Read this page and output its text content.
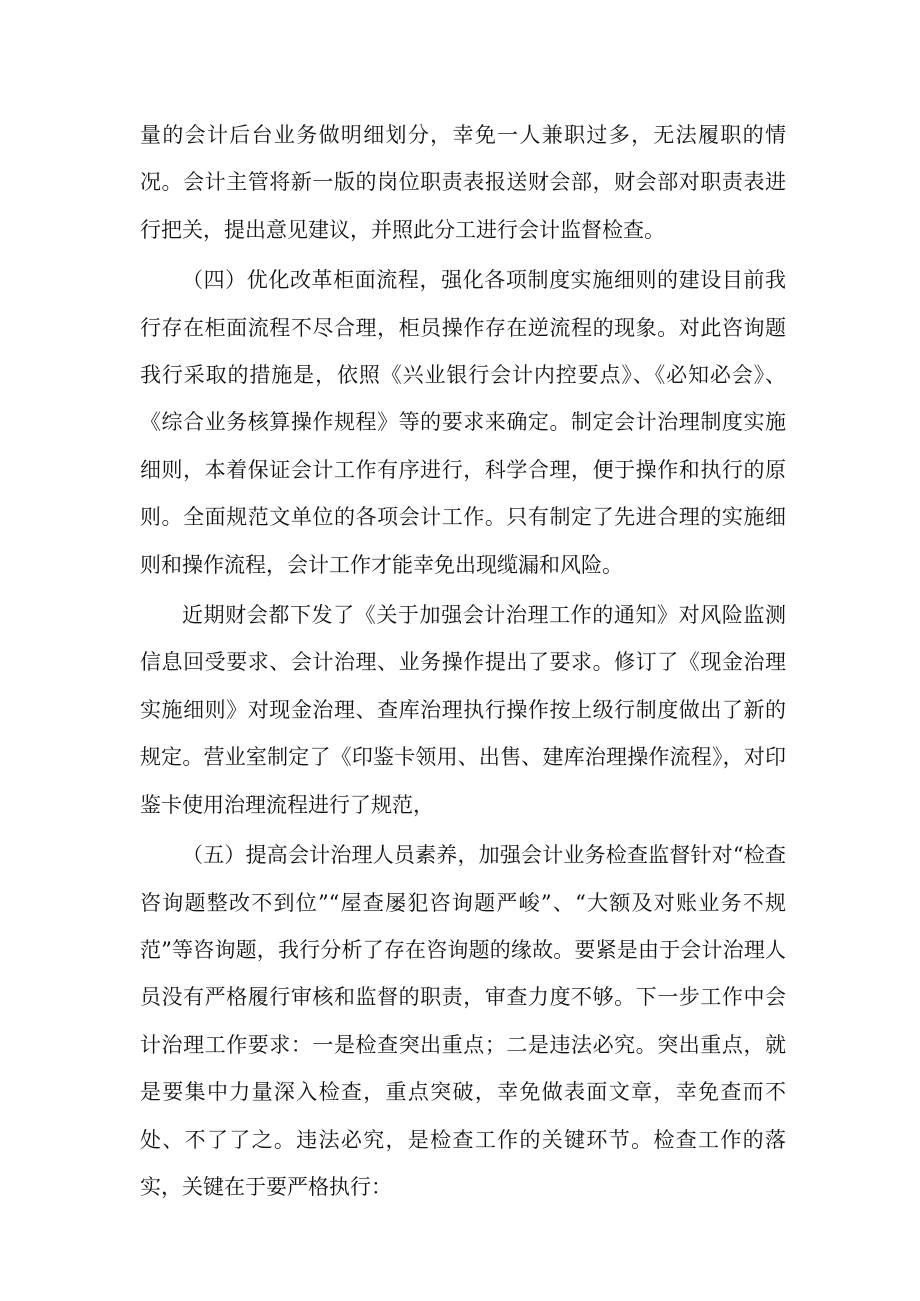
量的会计后台业务做明细划分，幸免一人兼职过多，无法履职的情况。会计主管将新一版的岗位职责表报送财会部，财会部对职责表进行把关，提出意见建议，并照此分工进行会计监督检查。

（四）优化改革柜面流程，强化各项制度实施细则的建设目前我行存在柜面流程不尽合理，柜员操作存在逆流程的现象。对此咨询题我行采取的措施是，依照《兴业银行会计内控要点》、《必知必会》、《综合业务核算操作规程》等的要求来确定。制定会计治理制度实施细则，本着保证会计工作有序进行，科学合理，便于操作和执行的原则。全面规范文单位的各项会计工作。只有制定了先进合理的实施细则和操作流程，会计工作才能幸免出现缆漏和风险。

近期财会都下发了《关于加强会计治理工作的通知》对风险监测信息回受要求、会计治理、业务操作提出了要求。修订了《现金治理实施细则》对现金治理、查库治理执行操作按上级行制度做出了新的规定。营业室制定了《印鉴卡领用、出售、建库治理操作流程》，对印鉴卡使用治理流程进行了规范，

（五）提高会计治理人员素养，加强会计业务检查监督针对“检查咨询题整改不到位”“屋查屡犯咨询题严峻”、“大额及对账业务不规范”等咨询题，我行分析了存在咨询题的缘故。要紧是由于会计治理人员没有严格履行审核和监督的职责，审查力度不够。下一步工作中会计治理工作要求：一是检查突出重点；二是违法必究。突出重点，就是要集中力量深入检查，重点突破，幸免做表面文章，幸免查而不处、不了了之。违法必究，是检查工作的关键环节。检查工作的落实，关键在于要严格执行：
